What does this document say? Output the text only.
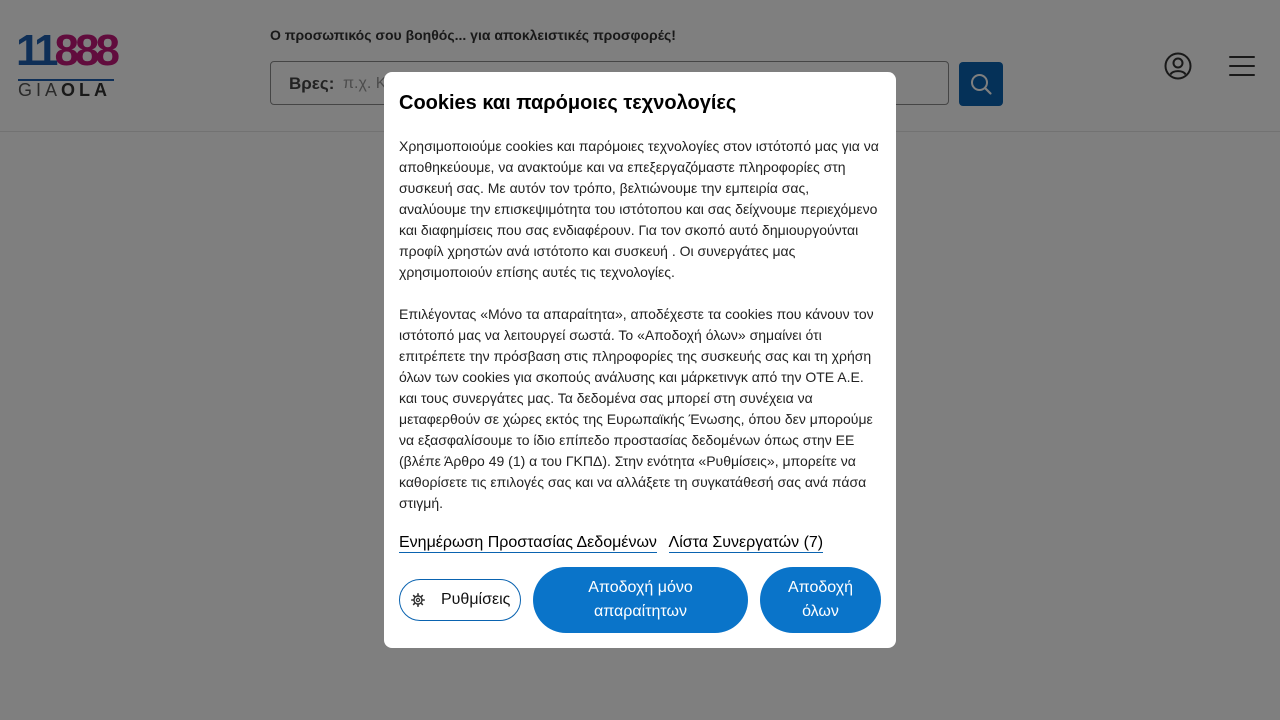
π.χ. Κ
Cookies και παρόμοιες τεχνολογίες

Χρησιμοποιούμε cookies και παρόμοιες τεχνολογίες στον ιστότοπό μας για να αποθηκεύουμε, να ανακτούμε και να επεξεργαζόμαστε πληροφορίες στη συσκευή σας. Με αυτόν τον τρόπο, βελτιώνουμε την εμπειρία σας, αναλύουμε την επισκεψιμότητα του ιστότοπου και σας δείχνουμε περιεχόμενο και διαφημίσεις που σας ενδιαφέρουν. Για τον σκοπό αυτό δημιουργούνται προφίλ χρηστών ανά ιστότοπο και συσκευή . Οι συνεργάτες μας χρησιμοποιούν επίσης αυτές τις τεχνολογίες.

Επιλέγοντας «Μόνο τα απαραίτητα», αποδέχεστε τα cookies που κάνουν τον ιστότοπό μας να λειτουργεί σωστά. Το «Αποδοχή όλων» σημαίνει ότι επιτρέπετε την πρόσβαση στις πληροφορίες της συσκευής σας και τη χρήση όλων των cookies για σκοπούς ανάλυσης και μάρκετινγκ από την ΟΤΕ Α.Ε. και τους συνεργάτες μας. Τα δεδομένα σας μπορεί στη συνέχεια να μεταφερθούν σε χώρες εκτός της Ευρωπαϊκής Ένωσης, όπου δεν μπορούμε να εξασφαλίσουμε το ίδιο επίπεδο προστασίας δεδομένων όπως στην ΕΕ (βλέπε Άρθρο 49 (1) α του ΓΚΠΔ). Στην ενότητα «Ρυθμίσεις», μπορείτε να καθορίσετε τις επιλογές σας και να αλλάξετε τη συγκατάθεσή σας ανά πάσα στιγμή.

Ενημέρωση Προστασίας Δεδομένων Λίστα Συνεργατών (7)
Ρυθμίσεις
Αποδοχή μόνο απαραίτητων
Αποδοχή όλων
